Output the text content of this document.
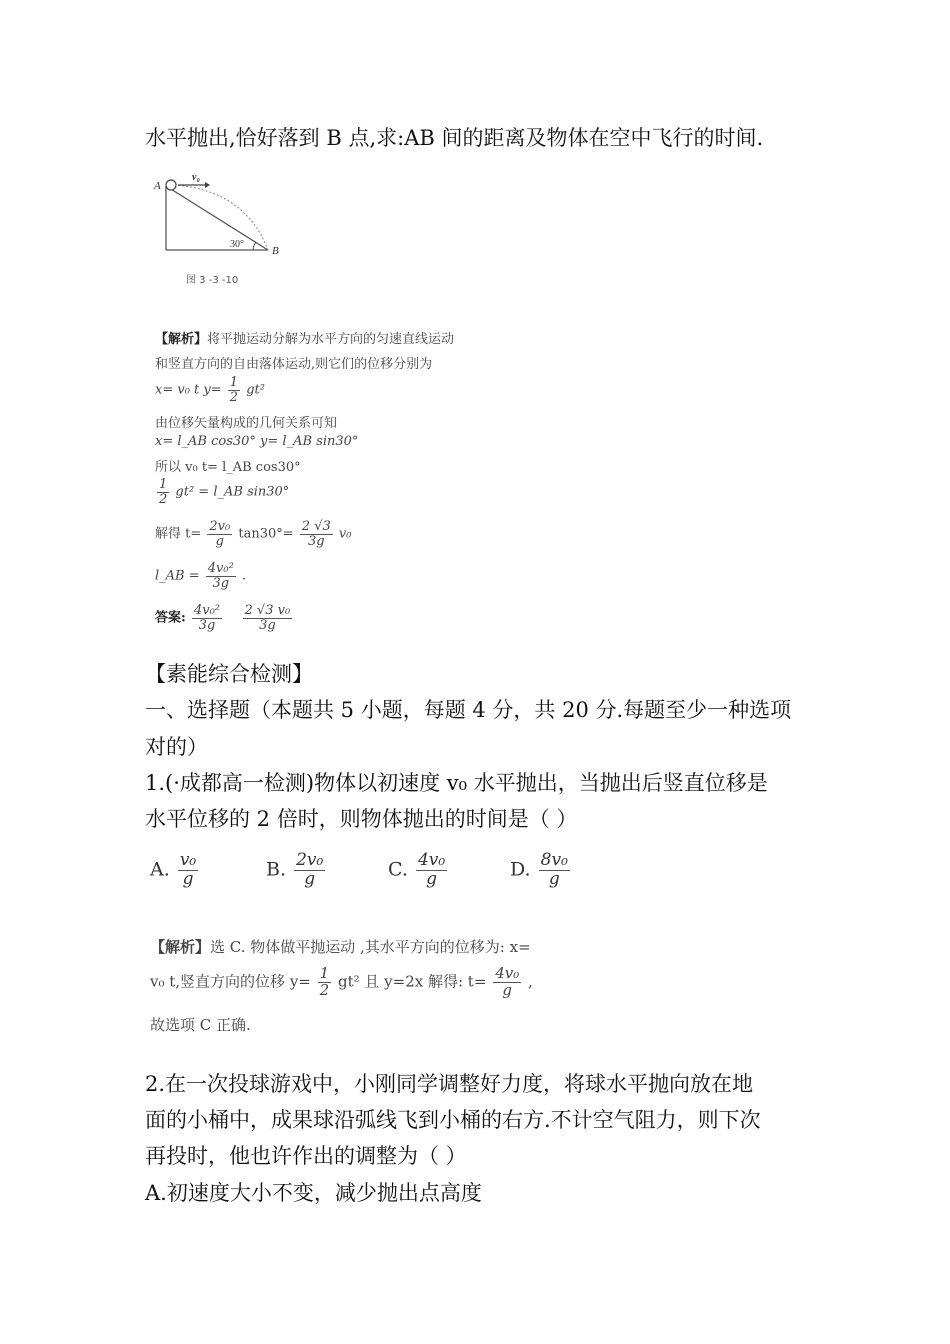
水平抛出,恰好落到 B 点,求:AB 间的距离及物体在空中飞行的时间.
A
B
v₀
30°
图 3 -3 -10
【解析】将平抛运动分解为水平方向的匀速直线运动
和竖直方向的自由落体运动,则它们的位移分别为
x= v₀ t $y= \frac{1}{2} gt^2$
由位移矢量构成的几何关系可知
x= l_AB cos30° y= l_AB sin30°
所以 v₀ t= l_AB cos30°
$\frac{1}{2} gt^2$ = l_AB sin30°
解得 $t= \frac{\text{2v₀}}{g} \tan 30^\circ= \frac{2 √3}{3g} v_0$
l_AB = $\frac{\text{4v₀²}}{3g}$ .
答案: $\frac{\text{4v₀²}}{3g}$
$\frac{\text{2 √3 v₀}}{3g}$
【素能综合检测】
一、选择题（本题共 5 小题，每题 4 分，共 20 分.每题至少一种选项
对的）
1.(·成都高一检测)物体以初速度 v₀ 水平抛出，当抛出后竖直位移是
水平位移的 2 倍时，则物体抛出的时间是（ ）
A. $\frac{\text{v₀}}{g}$	B. $\frac{\text{2v₀}}{g}$	C. $\frac{\text{4v₀}}{g}$	D. $\frac{\text{8v₀}}{g}$
【解析】选 C. 物体做平抛运动 ,其水平方向的位移为: x=
v₀ t,竖直方向的位移 $y= \frac{1}{2} gt^2$ 且 y=2x 解得: $t= \frac{\text{4v₀}}{g}$ ,
故选项 C 正确.
2.在一次投球游戏中，小刚同学调整好力度，将球水平抛向放在地
面的小桶中，成果球沿弧线飞到小桶的右方.不计空气阻力，则下次
再投时，他也许作出的调整为（ ）
A.初速度大小不变，减少抛出点高度
